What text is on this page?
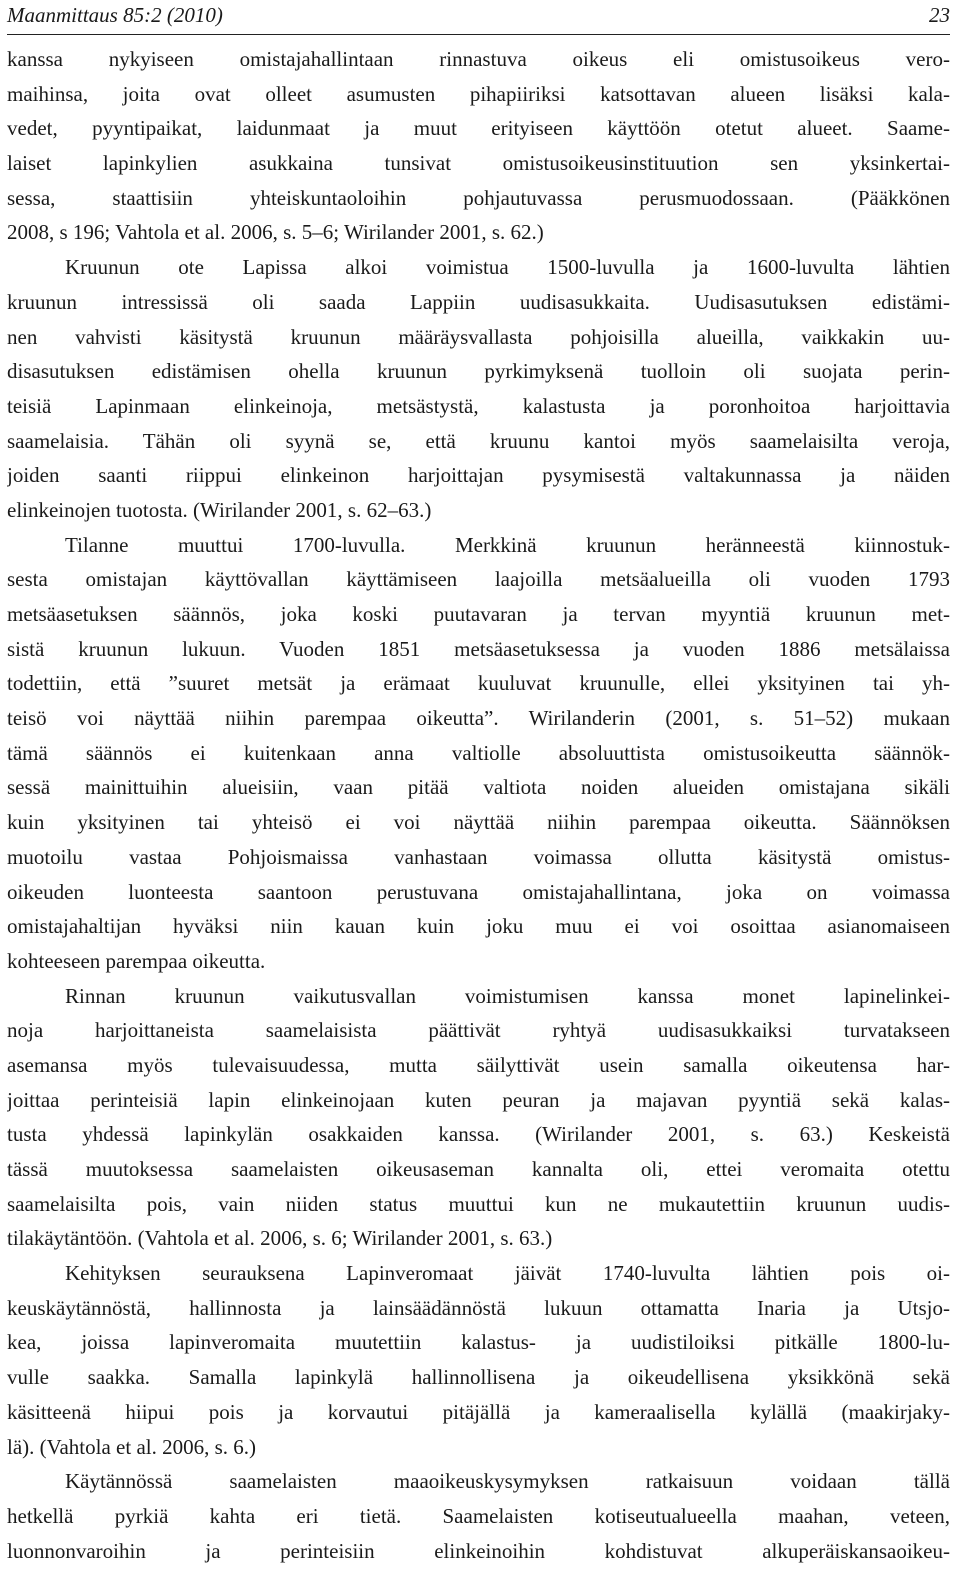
Maanmittaus 85:2 (2010)	23
kanssa nykyiseen omistajahallintaan rinnastuva oikeus eli omistusoikeus vero-
maihinsa, joita ovat olleet asumusten pihapiiriksi katsottavan alueen lisäksi kala-
vedet, pyyntipaikat, laidunmaat ja muut erityiseen käyttöön otetut alueet. Saame-
laiset lapinkylien asukkaina tunsivat omistusoikeusinstituution sen yksinkertai-
sessa, staattisiin yhteiskuntaoloihin pohjautuvassa perusmuodossaan. (Pääkkönen
2008, s 196; Vahtola et al. 2006, s. 5–6; Wirilander 2001, s. 62.)
Kruunun ote Lapissa alkoi voimistua 1500-luvulla ja 1600-luvulta lähtien
kruunun intressissä oli saada Lappiin uudisasukkaita. Uudisasutuksen edistämi-
nen vahvisti käsitystä kruunun määräysvallasta pohjoisilla alueilla, vaikkakin uu-
disasutuksen edistämisen ohella kruunun pyrkimyksenä tuolloin oli suojata perin-
teisiä Lapinmaan elinkeinoja, metsästystä, kalastusta ja poronhoitoa harjoittavia
saamelaisia. Tähän oli syynä se, että kruunu kantoi myös saamelaisilta veroja,
joiden saanti riippui elinkeinon harjoittajan pysymisestä valtakunnassa ja näiden
elinkeinojen tuotosta. (Wirilander 2001, s. 62–63.)
Tilanne muuttui 1700-luvulla. Merkkinä kruunun heränneestä kiinnostuk-
sesta omistajan käyttövallan käyttämiseen laajoilla metsäalueilla oli vuoden 1793
metsäasetuksen säännös, joka koski puutavaran ja tervan myyntiä kruunun met-
sistä kruunun lukuun. Vuoden 1851 metsäasetuksessa ja vuoden 1886 metsälaissa
todettiin, että ”suuret metsät ja erämaat kuuluvat kruunulle, ellei yksityinen tai yh-
teisö voi näyttää niihin parempaa oikeutta”. Wirilanderin (2001, s. 51–52) mukaan
tämä säännös ei kuitenkaan anna valtiolle absoluuttista omistusoikeutta säännök-
sessä mainittuihin alueisiin, vaan pitää valtiota noiden alueiden omistajana sikäli
kuin yksityinen tai yhteisö ei voi näyttää niihin parempaa oikeutta. Säännöksen
muotoilu vastaa Pohjoismaissa vanhastaan voimassa ollutta käsitystä omistus-
oikeuden luonteesta saantoon perustuvana omistajahallintana, joka on voimassa
omistajahaltijan hyväksi niin kauan kuin joku muu ei voi osoittaa asianomaiseen
kohteeseen parempaa oikeutta.
Rinnan kruunun vaikutusvallan voimistumisen kanssa monet lapinelinkei-
noja harjoittaneista saamelaisista päättivät ryhtyä uudisasukkaiksi turvatakseen
asemansa myös tulevaisuudessa, mutta säilyttivät usein samalla oikeutensa har-
joittaa perinteisiä lapin elinkeinojaan kuten peuran ja majavan pyyntiä sekä kalas-
tusta yhdessä lapinkylän osakkaiden kanssa. (Wirilander 2001, s. 63.) Keskeistä
tässä muutoksessa saamelaisten oikeusaseman kannalta oli, ettei veromaita otettu
saamelaisilta pois, vain niiden status muuttui kun ne mukautettiin kruunun uudis-
tilakäytäntöön. (Vahtola et al. 2006, s. 6; Wirilander 2001, s. 63.)
Kehityksen seurauksena Lapinveromaat jäivät 1740-luvulta lähtien pois oi-
keuskäytännöstä, hallinnosta ja lainsäädännöstä lukuun ottamatta Inaria ja Utsjo-
kea, joissa lapinveromaita muutettiin kalastus- ja uudistiloiksi pitkälle 1800-lu-
vulle saakka. Samalla lapinkylä hallinnollisena ja oikeudellisena yksikkönä sekä
käsitteenä hiipui pois ja korvautui pitäjällä ja kameraalisella kylällä (maakirjaky-
lä). (Vahtola et al. 2006, s. 6.)
Käytännössä saamelaisten maaoikeuskysymyksen ratkaisuun voidaan tällä
hetkellä pyrkiä kahta eri tietä. Saamelaisten kotiseutualueella maahan, veteen,
luonnonvaroihin ja perinteisiin elinkeinoihin kohdistuvat alkuperäiskansaoikeu-
